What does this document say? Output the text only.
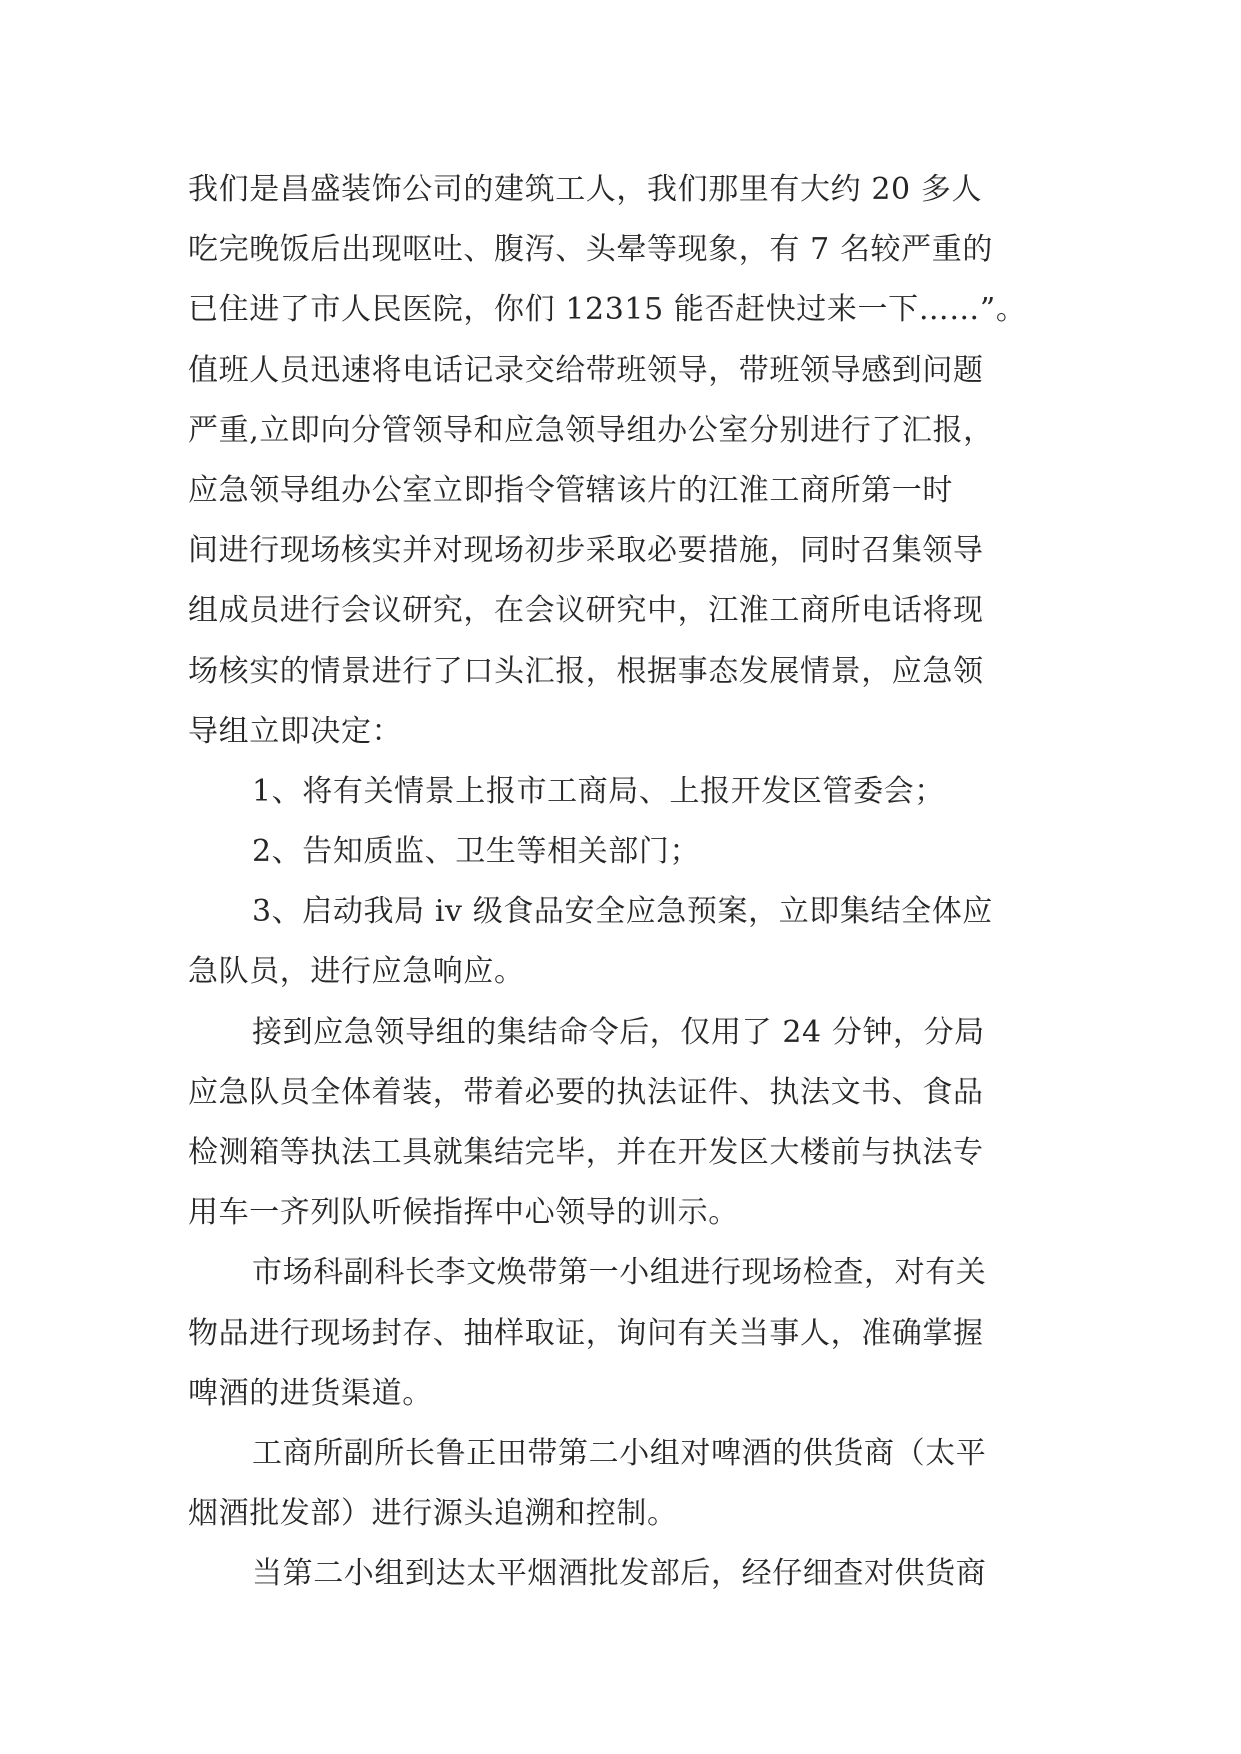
我们是昌盛装饰公司的建筑工人，我们那里有大约 20 多人
吃完晚饭后出现呕吐、腹泻、头晕等现象，有 7 名较严重的
已住进了市人民医院，你们 12315 能否赶快过来一下……”。
值班人员迅速将电话记录交给带班领导，带班领导感到问题
严重,立即向分管领导和应急领导组办公室分别进行了汇报，
应急领导组办公室立即指令管辖该片的江淮工商所第一时
间进行现场核实并对现场初步采取必要措施，同时召集领导
组成员进行会议研究，在会议研究中，江淮工商所电话将现
场核实的情景进行了口头汇报，根据事态发展情景，应急领
导组立即决定：
1、将有关情景上报市工商局、上报开发区管委会；
2、告知质监、卫生等相关部门；
3、启动我局 iv 级食品安全应急预案，立即集结全体应
急队员，进行应急响应。
接到应急领导组的集结命令后，仅用了 24 分钟，分局
应急队员全体着装，带着必要的执法证件、执法文书、食品
检测箱等执法工具就集结完毕，并在开发区大楼前与执法专
用车一齐列队听候指挥中心领导的训示。
市场科副科长李文焕带第一小组进行现场检查，对有关
物品进行现场封存、抽样取证，询问有关当事人，准确掌握
啤酒的进货渠道。
工商所副所长鲁正田带第二小组对啤酒的供货商（太平
烟酒批发部）进行源头追溯和控制。
当第二小组到达太平烟酒批发部后，经仔细查对供货商
